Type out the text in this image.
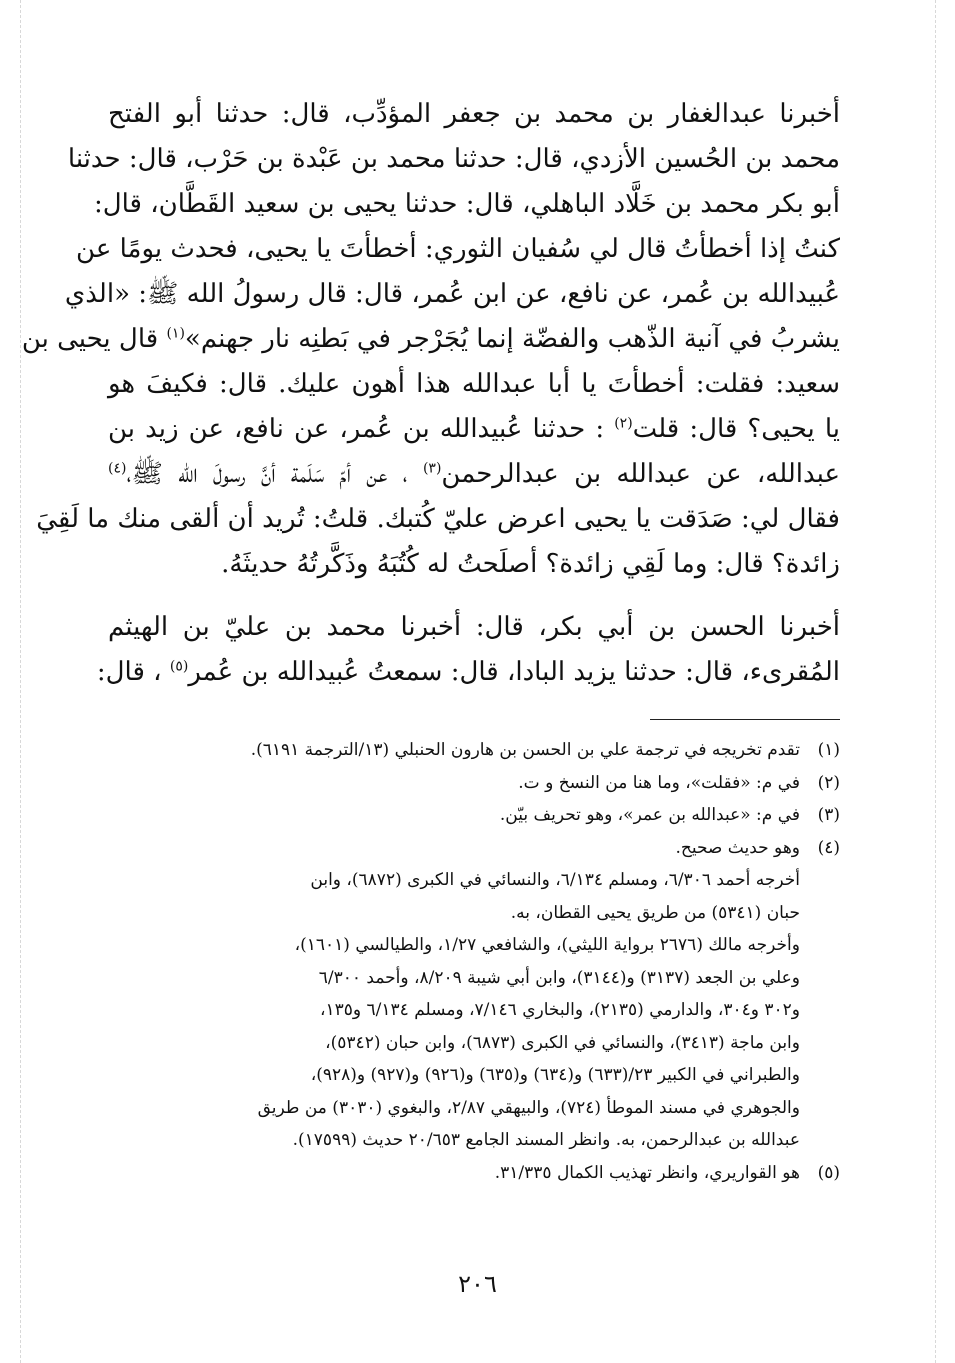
أخبرنا عبدالغفار بن محمد بن جعفر المؤدِّب، قال: حدثنا أبو الفتح
محمد بن الحُسين الأزدي، قال: حدثنا محمد بن عَبْدة بن حَرْب، قال: حدثنا
أبو بكر محمد بن خَلَّاد الباهلي، قال: حدثنا يحيى بن سعيد القَطَّان، قال:
كنتُ إذا أخطأتُ قال لي سُفيان الثوري: أخطأتَ يا يحيى، فحدث يومًا عن
عُبيدالله بن عُمر، عن نافع، عن ابن عُمر، قال: قال رسولُ الله ﷺ: «الذي
يشربُ في آنية الذّهب والفضّة إنما يُجَرْجر في بَطنِه نار جهنم»$^{(١)}$ قال يحيى بن
سعيد: فقلت: أخطأتَ يا أبا عبدالله هذا أهون عليك. قال: فكيفَ هو
يا يحيى؟ قال: قلت$^{(٢)}$ : حدثنا عُبيدالله بن عُمر، عن نافع، عن زيد بن
عبدالله، عن عبدالله بن عبدالرحمن$^{(٣)}$ ، عن أمّ سَلَمة أنَّ رسولَ الله ﷺ،$^{(٤)}$
فقال لي: صَدَقت يا يحيى اعرض عليّ كُتبك. قلتُ: تُريد أن ألقى منك ما لَقِيَ
زائدة؟ قال: وما لَقِي زائدة؟ أصلَحتُ له كُتُبَهُ وذَكَّرتُهُ حديثَهُ.
أخبرنا الحسن بن أبي بكر، قال: أخبرنا محمد بن عليّ بن الهيثم
المُقرىء، قال: حدثنا يزيد البادا، قال: سمعتُ عُبيدالله بن عُمر$^{(٥)}$ ، قال:
(١)تقدم تخريجه في ترجمة علي بن الحسن بن هارون الحنبلي (١٣/الترجمة ٦١٩١).
(٢)في م: «فقلت»، وما هنا من النسخ و ت.
(٣)في م: «عبدالله بن عمر»، وهو تحريف بيّن.
(٤)وهو حديث صحيح.
أخرجه أحمد ٦/٣٠٦، ومسلم ٦/١٣٤، والنسائي في الكبرى (٦٨٧٢)، وابن
حبان (٥٣٤١) من طريق يحيى القطان، به.
وأخرجه مالك (٢٦٧٦ برواية الليثي)، والشافعي ١/٢٧، والطيالسي (١٦٠١)،
وعلي بن الجعد (٣١٣٧) و(٣١٤٤)، وابن أبي شيبة ٨/٢٠٩، وأحمد ٦/٣٠٠
و٣٠٢ و٣٠٤، والدارمي (٢١٣٥)، والبخاري ٧/١٤٦، ومسلم ٦/١٣٤ و١٣٥،
وابن ماجة (٣٤١٣)، والنسائي في الكبرى (٦٨٧٣)، وابن حبان (٥٣٤٢)،
والطبراني في الكبير ٢٣/(٦٣٣) و(٦٣٤) و(٦٣٥) و(٩٢٦) و(٩٢٧) و(٩٢٨)،
والجوهري في مسند الموطأ (٧٢٤)، والبيهقي ٢/٨٧، والبغوي (٣٠٣٠) من طريق
عبدالله بن عبدالرحمن، به. وانظر المسند الجامع ٢٠/٦٥٣ حديث (١٧٥٩٩).
(٥)هو القواريري، وانظر تهذيب الكمال ٣١/٣٣٥.
٢٠٦
